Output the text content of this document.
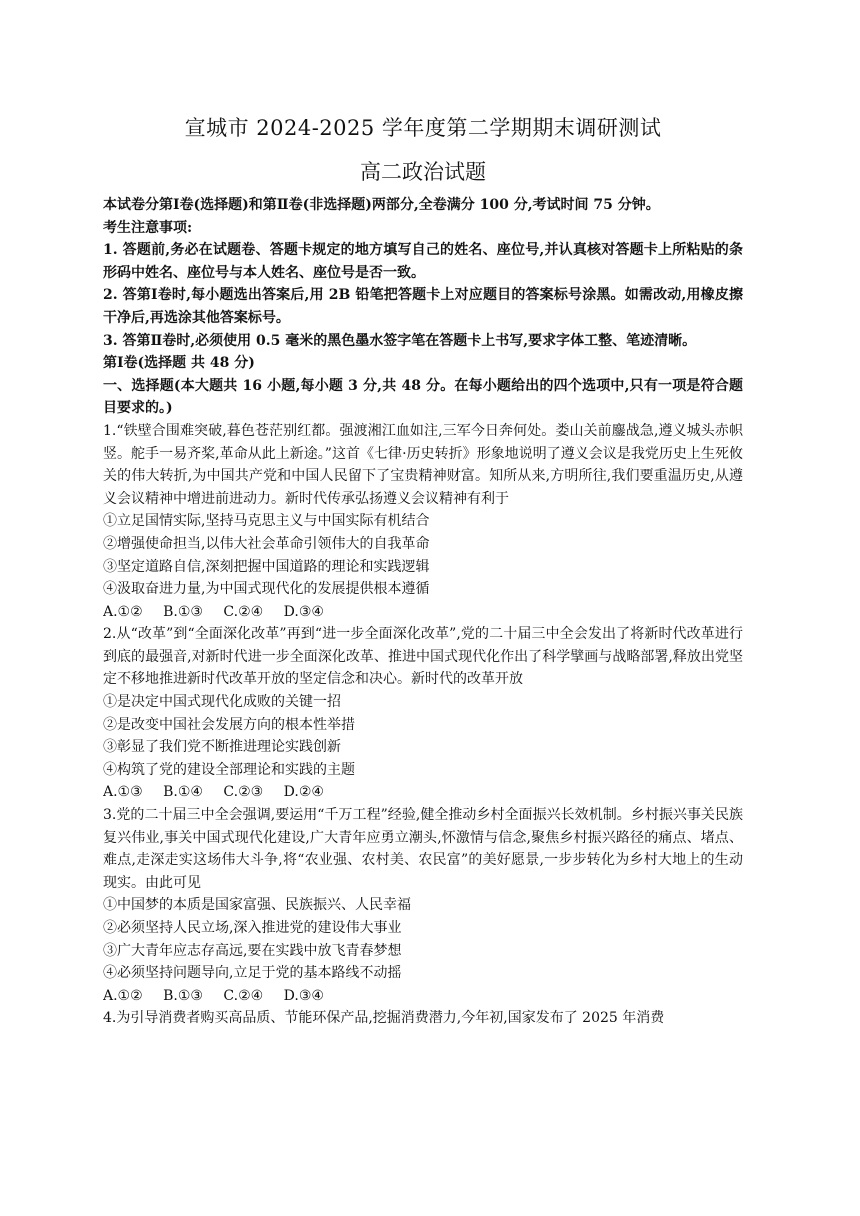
宣城市 2024-2025 学年度第二学期期末调研测试
高二政治试题

本试卷分第Ⅰ卷(选择题)和第Ⅱ卷(非选择题)两部分,全卷满分 100 分,考试时间 75 分钟。

考生注意事项:

1. 答题前,务必在试题卷、答题卡规定的地方填写自己的姓名、座位号,并认真核对答题卡上所粘贴的条形码中姓名、座位号与本人姓名、座位号是否一致。

2. 答第Ⅰ卷时,每小题选出答案后,用 2B 铅笔把答题卡上对应题目的答案标号涂黑。如需改动,用橡皮擦干净后,再选涂其他答案标号。

3. 答第Ⅱ卷时,必须使用 0.5 毫米的黑色墨水签字笔在答题卡上书写,要求字体工整、笔迹清晰。

第Ⅰ卷(选择题 共 48 分)

一、选择题(本大题共 16 小题,每小题 3 分,共 48 分。在每小题给出的四个选项中,只有一项是符合题目要求的。)

1.“铁壁合围难突破,暮色苍茫别红都。强渡湘江血如注,三军今日奔何处。娄山关前鏖战急,遵义城头赤帜竖。舵手一易齐桨,革命从此上新途。”这首《七律·历史转折》形象地说明了遵义会议是我党历史上生死攸关的伟大转折,为中国共产党和中国人民留下了宝贵精神财富。知所从来,方明所往,我们要重温历史,从遵义会议精神中增进前进动力。新时代传承弘扬遵义会议精神有利于

①立足国情实际,坚持马克思主义与中国实际有机结合

②增强使命担当,以伟大社会革命引领伟大的自我革命

③坚定道路自信,深刻把握中国道路的理论和实践逻辑

④汲取奋进力量,为中国式现代化的发展提供根本遵循

A.①② B.①③ C.②④ D.③④

2.从“改革”到“全面深化改革”再到“进一步全面深化改革”,党的二十届三中全会发出了将新时代改革进行到底的最强音,对新时代进一步全面深化改革、推进中国式现代化作出了科学擘画与战略部署,释放出党坚定不移地推进新时代改革开放的坚定信念和决心。新时代的改革开放

①是决定中国式现代化成败的关键一招

②是改变中国社会发展方向的根本性举措

③彰显了我们党不断推进理论实践创新

④构筑了党的建设全部理论和实践的主题

A.①③ B.①④ C.②③ D.②④

3.党的二十届三中全会强调,要运用“千万工程”经验,健全推动乡村全面振兴长效机制。乡村振兴事关民族复兴伟业,事关中国式现代化建设,广大青年应勇立潮头,怀激情与信念,聚焦乡村振兴路径的痛点、堵点、难点,走深走实这场伟大斗争,将“农业强、农村美、农民富”的美好愿景,一步步转化为乡村大地上的生动现实。由此可见

①中国梦的本质是国家富强、民族振兴、人民幸福

②必须坚持人民立场,深入推进党的建设伟大事业

③广大青年应志存高远,要在实践中放飞青春梦想

④必须坚持问题导向,立足于党的基本路线不动摇

A.①② B.①③ C.②④ D.③④

4.为引导消费者购买高品质、节能环保产品,挖掘消费潜力,今年初,国家发布了 2025 年消费
